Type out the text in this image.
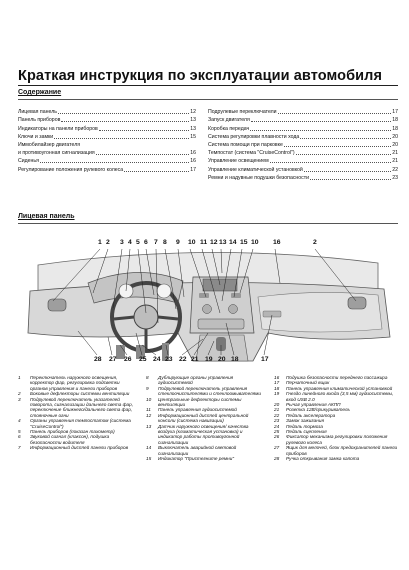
Краткая инструкция по эксплуатации автомобиля
Содержание
Лицевая панель	12
Панель приборов	13
Индикаторы на панели приборов	13
Ключи и замки	15
Иммобилайзер двигателя
и противоугонная сигнализация	16
Сиденья	16
Регулирование положения рулевого колеса	17
Подрулевые переключатели	17
Запуск двигателя	18
Коробка передач	18
Система регулировки плавности хода	20
Система помощи при парковке	20
Темпостат (система "CruiseControl")	21
Управление освещением	21
Управление климатической установкой	22
Ремни и надувные подушки безопасности	23
Лицевая панель
1 2 3 4 5 6 7 8 9 10 11 12 13 14 15 10 16	2
28 27 26 25 24 23 22 21 19 20 18	17
1	Переключатель наружного освещения, корректор фар, регулировка подсветки органов управления и панели приборов
2	Боковые дефлекторы системы вентиляции
3	Подрулевой переключатель указателей поворота, сигнализации дальнего света фар, переключение ближнего/дальнего света фар, стояночные огни
4	Органы управления темпостатом (система "CruiseControl")
5	Панель приборов (показан тахометр)
6	Звуковой сигнал (клаксон), подушка безопасности водителя
7	Информационный дисплей панели приборов
8	Дублирующие органы управления аудиосистемой
9	Подрулевой переключатель управления стеклоочистителями и стеклоомывателями
10	Центральные дефлекторы системы вентиляции
11	Панель управления аудиосистемой
12	Информационный дисплей центральной консоли (система навигации)
13	Датчик наружного освещения/ качества воздуха (климатическая установка) и индикатор работы противоугонной сигнализации
14	Выключатель аварийной световой сигнализации
15	Индикатор "Пристегните ремни"
16	Подушка безопасности переднего пассажира
17	Перчаточный ящик
18	Панель управления климатической установкой
19	Гнездо линейного входа (3,5 мм) аудиосистемы, вход USB 2.0
20	Рычаг управления АКПП
21	Розетка 12В/прикуриватель
22	Педаль акселератора
23	Замок зажигания
24	Педаль тормоза
25	Педаль сцепления
26	Фиксатор механизма регулировки положения рулевого колеса
27	Ящик для мелочей, блок предохранителей панели приборов
28	Ручка открывания замка капота
